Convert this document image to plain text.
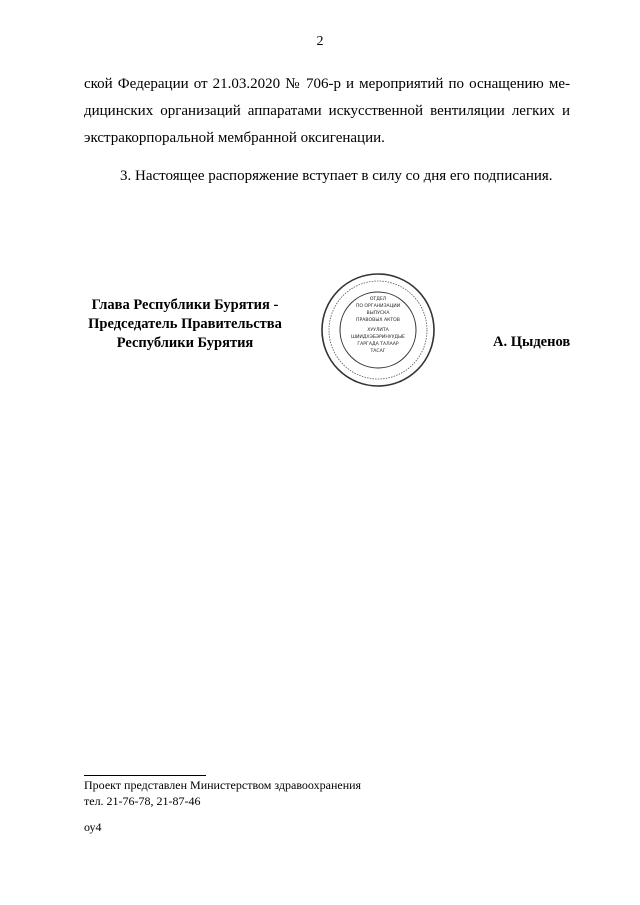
2
ской Федерации от 21.03.2020 № 706-р и мероприятий по оснащению ме-
дицинских организаций аппаратами искусственной вентиляции легких и
экстракорпоральной мембранной оксигенации.
3. Настоящее распоряжение вступает в силу со дня его подписания.
Глава Республики Бурятия -
Председатель Правительства
Республики Бурятия
ОТДЕЛ
ПО ОРГАНИЗАЦИИ
ВЫПУСКА
ПРАВОВЫХ АКТОВ
ХУУЛИТА
ШИИДХЭБЭРИНУУДЫЕ
ГАРГАДА ТАЛААР
ТАСАГ
А. Цыденов
Проект представлен Министерством здравоохранения
тел. 21-76-78, 21-87-46
оу4
